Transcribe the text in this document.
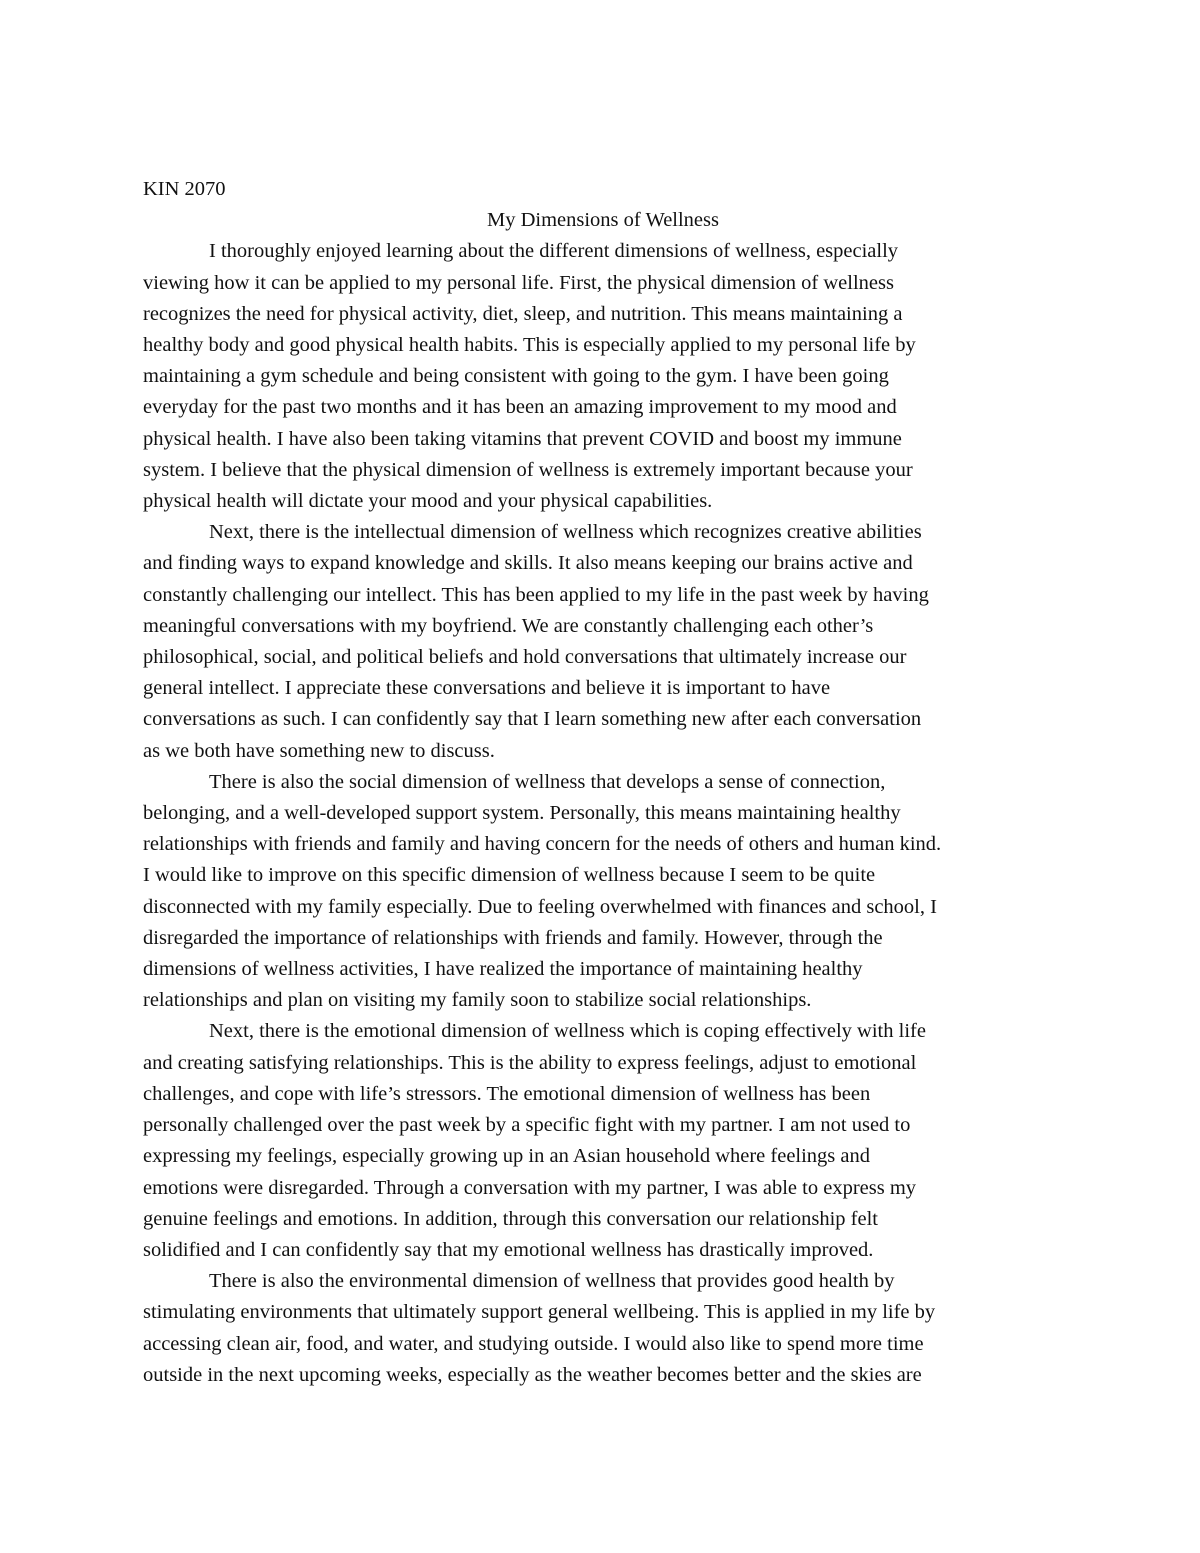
KIN 2070

My Dimensions of Wellness

I thoroughly enjoyed learning about the different dimensions of wellness, especially
viewing how it can be applied to my personal life. First, the physical dimension of wellness
recognizes the need for physical activity, diet, sleep, and nutrition. This means maintaining a
healthy body and good physical health habits. This is especially applied to my personal life by
maintaining a gym schedule and being consistent with going to the gym. I have been going
everyday for the past two months and it has been an amazing improvement to my mood and
physical health. I have also been taking vitamins that prevent COVID and boost my immune
system. I believe that the physical dimension of wellness is extremely important because your
physical health will dictate your mood and your physical capabilities.

Next, there is the intellectual dimension of wellness which recognizes creative abilities
and finding ways to expand knowledge and skills. It also means keeping our brains active and
constantly challenging our intellect. This has been applied to my life in the past week by having
meaningful conversations with my boyfriend. We are constantly challenging each other’s
philosophical, social, and political beliefs and hold conversations that ultimately increase our
general intellect. I appreciate these conversations and believe it is important to have
conversations as such. I can confidently say that I learn something new after each conversation
as we both have something new to discuss.

There is also the social dimension of wellness that develops a sense of connection,
belonging, and a well-developed support system. Personally, this means maintaining healthy
relationships with friends and family and having concern for the needs of others and human kind.
I would like to improve on this specific dimension of wellness because I seem to be quite
disconnected with my family especially. Due to feeling overwhelmed with finances and school, I
disregarded the importance of relationships with friends and family. However, through the
dimensions of wellness activities, I have realized the importance of maintaining healthy
relationships and plan on visiting my family soon to stabilize social relationships.

Next, there is the emotional dimension of wellness which is coping effectively with life
and creating satisfying relationships. This is the ability to express feelings, adjust to emotional
challenges, and cope with life’s stressors. The emotional dimension of wellness has been
personally challenged over the past week by a specific fight with my partner. I am not used to
expressing my feelings, especially growing up in an Asian household where feelings and
emotions were disregarded. Through a conversation with my partner, I was able to express my
genuine feelings and emotions. In addition, through this conversation our relationship felt
solidified and I can confidently say that my emotional wellness has drastically improved.

There is also the environmental dimension of wellness that provides good health by
stimulating environments that ultimately support general wellbeing. This is applied in my life by
accessing clean air, food, and water, and studying outside. I would also like to spend more time
outside in the next upcoming weeks, especially as the weather becomes better and the skies are
